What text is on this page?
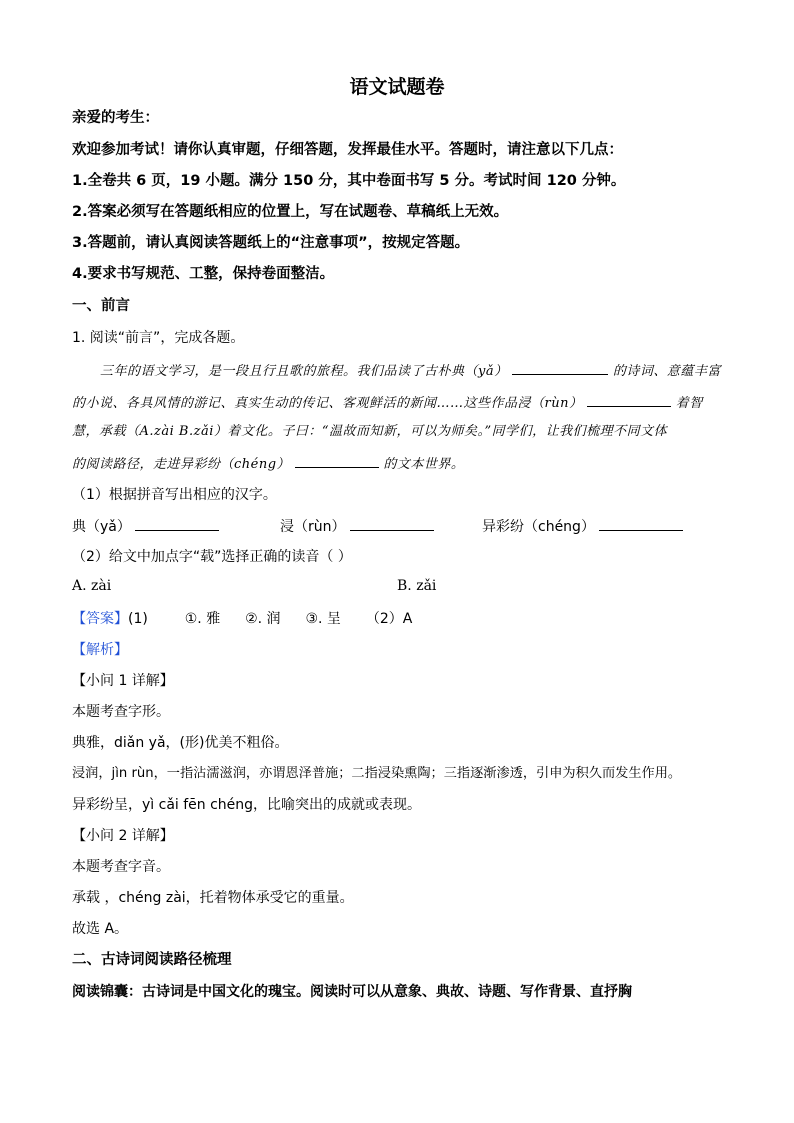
语文试题卷
亲爱的考生：
欢迎参加考试！请你认真审题，仔细答题，发挥最佳水平。答题时，请注意以下几点：
1.全卷共 6 页，19 小题。满分 150 分，其中卷面书写 5 分。考试时间 120 分钟。
2.答案必须写在答题纸相应的位置上，写在试题卷、草稿纸上无效。
3.答题前，请认真阅读答题纸上的“注意事项”，按规定答题。
4.要求书写规范、工整，保持卷面整洁。
一、前言
1. 阅读“前言”，完成各题。
三年的语文学习，是一段且行且歌的旅程。我们品读了古朴典（yǎ）	的诗词、意蕴丰富
的小说、各具风情的游记、真实生动的传记、客观鲜活的新闻……这些作品浸（rùn）	着智
慧，承载（A.zài B.zǎi）着文化。子曰：“温故而知新，可以为师矣。”同学们，让我们梳理不同文体
的阅读路径，走进异彩纷（chéng）	的文本世界。
（1）根据拼音写出相应的汉字。
典（yǎ）	浸（rùn）	异彩纷（chéng）
（2）给文中加点字“载”选择正确的读音（ ）
A. zài	B. zǎi
【答案】(1)	①. 雅 ②. 润 ③. 呈 （2）A
【解析】
【小问 1 详解】
本题考查字形。
典雅，diǎn yǎ，(形)优美不粗俗。
浸润，jìn rùn，一指沾濡滋润，亦谓恩泽普施；二指浸染熏陶；三指逐渐渗透，引申为积久而发生作用。
异彩纷呈，yì cǎi fēn chéng，比喻突出的成就或表现。
【小问 2 详解】
本题考查字音。
承载 ，chéng zài，托着物体承受它的重量。
故选 A。
二、古诗词阅读路径梳理
阅读锦囊：古诗词是中国文化的瑰宝。阅读时可以从意象、典故、诗题、写作背景、直抒胸
